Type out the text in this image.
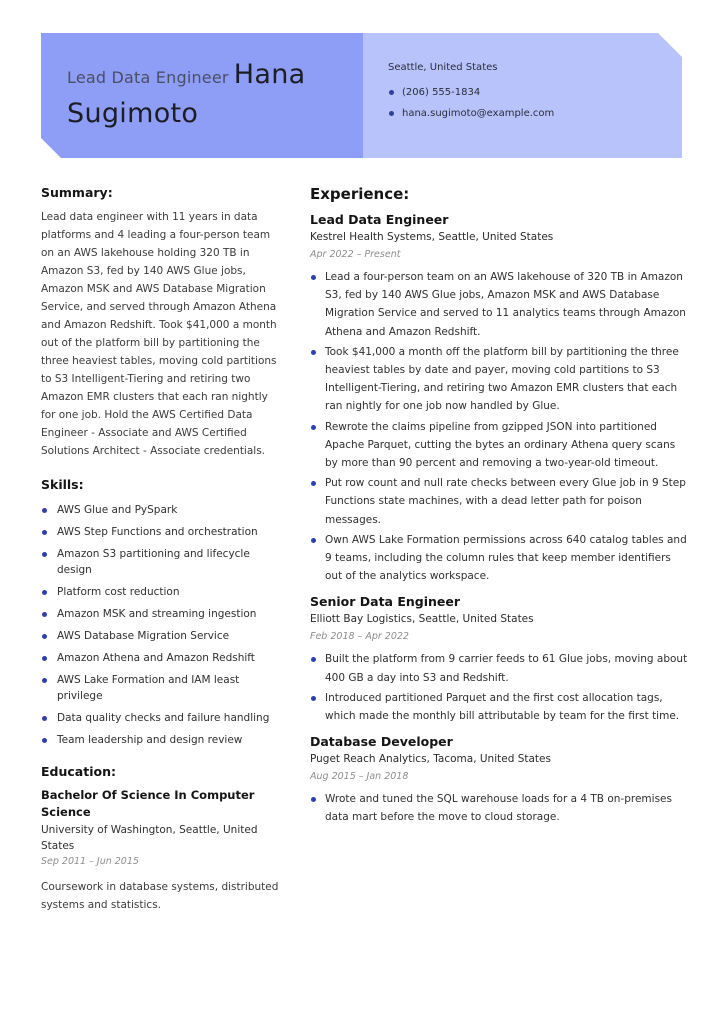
Lead Data Engineer Hana Sugimoto
Seattle, United States
(206) 555-1834
hana.sugimoto@example.com
Summary:
Lead data engineer with 11 years in data platforms and 4 leading a four-person team on an AWS lakehouse holding 320 TB in Amazon S3, fed by 140 AWS Glue jobs, Amazon MSK and AWS Database Migration Service, and served through Amazon Athena and Amazon Redshift. Took $41,000 a month out of the platform bill by partitioning the three heaviest tables, moving cold partitions to S3 Intelligent-Tiering and retiring two Amazon EMR clusters that each ran nightly for one job. Hold the AWS Certified Data Engineer - Associate and AWS Certified Solutions Architect - Associate credentials.
Skills:
AWS Glue and PySpark
AWS Step Functions and orchestration
Amazon S3 partitioning and lifecycle design
Platform cost reduction
Amazon MSK and streaming ingestion
AWS Database Migration Service
Amazon Athena and Amazon Redshift
AWS Lake Formation and IAM least privilege
Data quality checks and failure handling
Team leadership and design review
Education:
Bachelor Of Science In Computer Science
University of Washington, Seattle, United States
Sep 2011 – Jun 2015
Coursework in database systems, distributed systems and statistics.
Experience:
Lead Data Engineer
Kestrel Health Systems, Seattle, United States
Apr 2022 – Present
Lead a four-person team on an AWS lakehouse of 320 TB in Amazon S3, fed by 140 AWS Glue jobs, Amazon MSK and AWS Database Migration Service and served to 11 analytics teams through Amazon Athena and Amazon Redshift.
Took $41,000 a month off the platform bill by partitioning the three heaviest tables by date and payer, moving cold partitions to S3 Intelligent-Tiering, and retiring two Amazon EMR clusters that each ran nightly for one job now handled by Glue.
Rewrote the claims pipeline from gzipped JSON into partitioned Apache Parquet, cutting the bytes an ordinary Athena query scans by more than 90 percent and removing a two-year-old timeout.
Put row count and null rate checks between every Glue job in 9 Step Functions state machines, with a dead letter path for poison messages.
Own AWS Lake Formation permissions across 640 catalog tables and 9 teams, including the column rules that keep member identifiers out of the analytics workspace.
Senior Data Engineer
Elliott Bay Logistics, Seattle, United States
Feb 2018 – Apr 2022
Built the platform from 9 carrier feeds to 61 Glue jobs, moving about 400 GB a day into S3 and Redshift.
Introduced partitioned Parquet and the first cost allocation tags, which made the monthly bill attributable by team for the first time.
Database Developer
Puget Reach Analytics, Tacoma, United States
Aug 2015 – Jan 2018
Wrote and tuned the SQL warehouse loads for a 4 TB on-premises data mart before the move to cloud storage.
